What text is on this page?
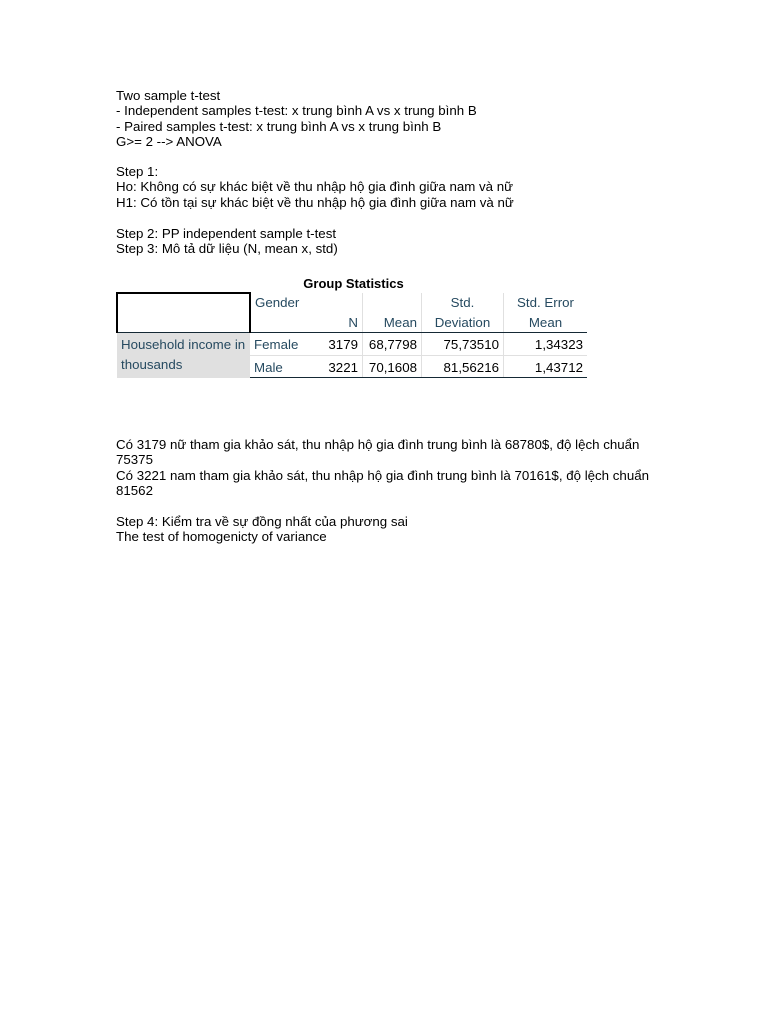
Two sample t-test

- Independent samples t-test: x trung bình A vs x trung bình B

- Paired samples t-test: x trung bình A vs x trung bình B

G>= 2 --> ANOVA

Step 1:

Ho: Không có sự khác biệt về thu nhập hộ gia đình giữa nam và nữ

H1: Có tồn tại sự khác biệt về thu nhập hộ gia đình giữa nam và nữ

Step 2: PP independent sample t-test

Step 3: Mô tả dữ liệu (N, mean x, std)

Group Statistics
	Gender	N	Mean	Std. Deviation	Std. Error Mean
Household income in thousands	Female	3179	68,7798	75,73510	1,34323
	Male	3221	70,1608	81,56216	1,43712

Có 3179 nữ tham gia khảo sát, thu nhập hộ gia đình trung bình là 68780$, độ lệch chuẩn 75375

Có 3221 nam tham gia khảo sát, thu nhập hộ gia đình trung bình là 70161$, độ lệch chuẩn 81562

Step 4: Kiểm tra về sự đồng nhất của phương sai

The test of homogenicty of variance
